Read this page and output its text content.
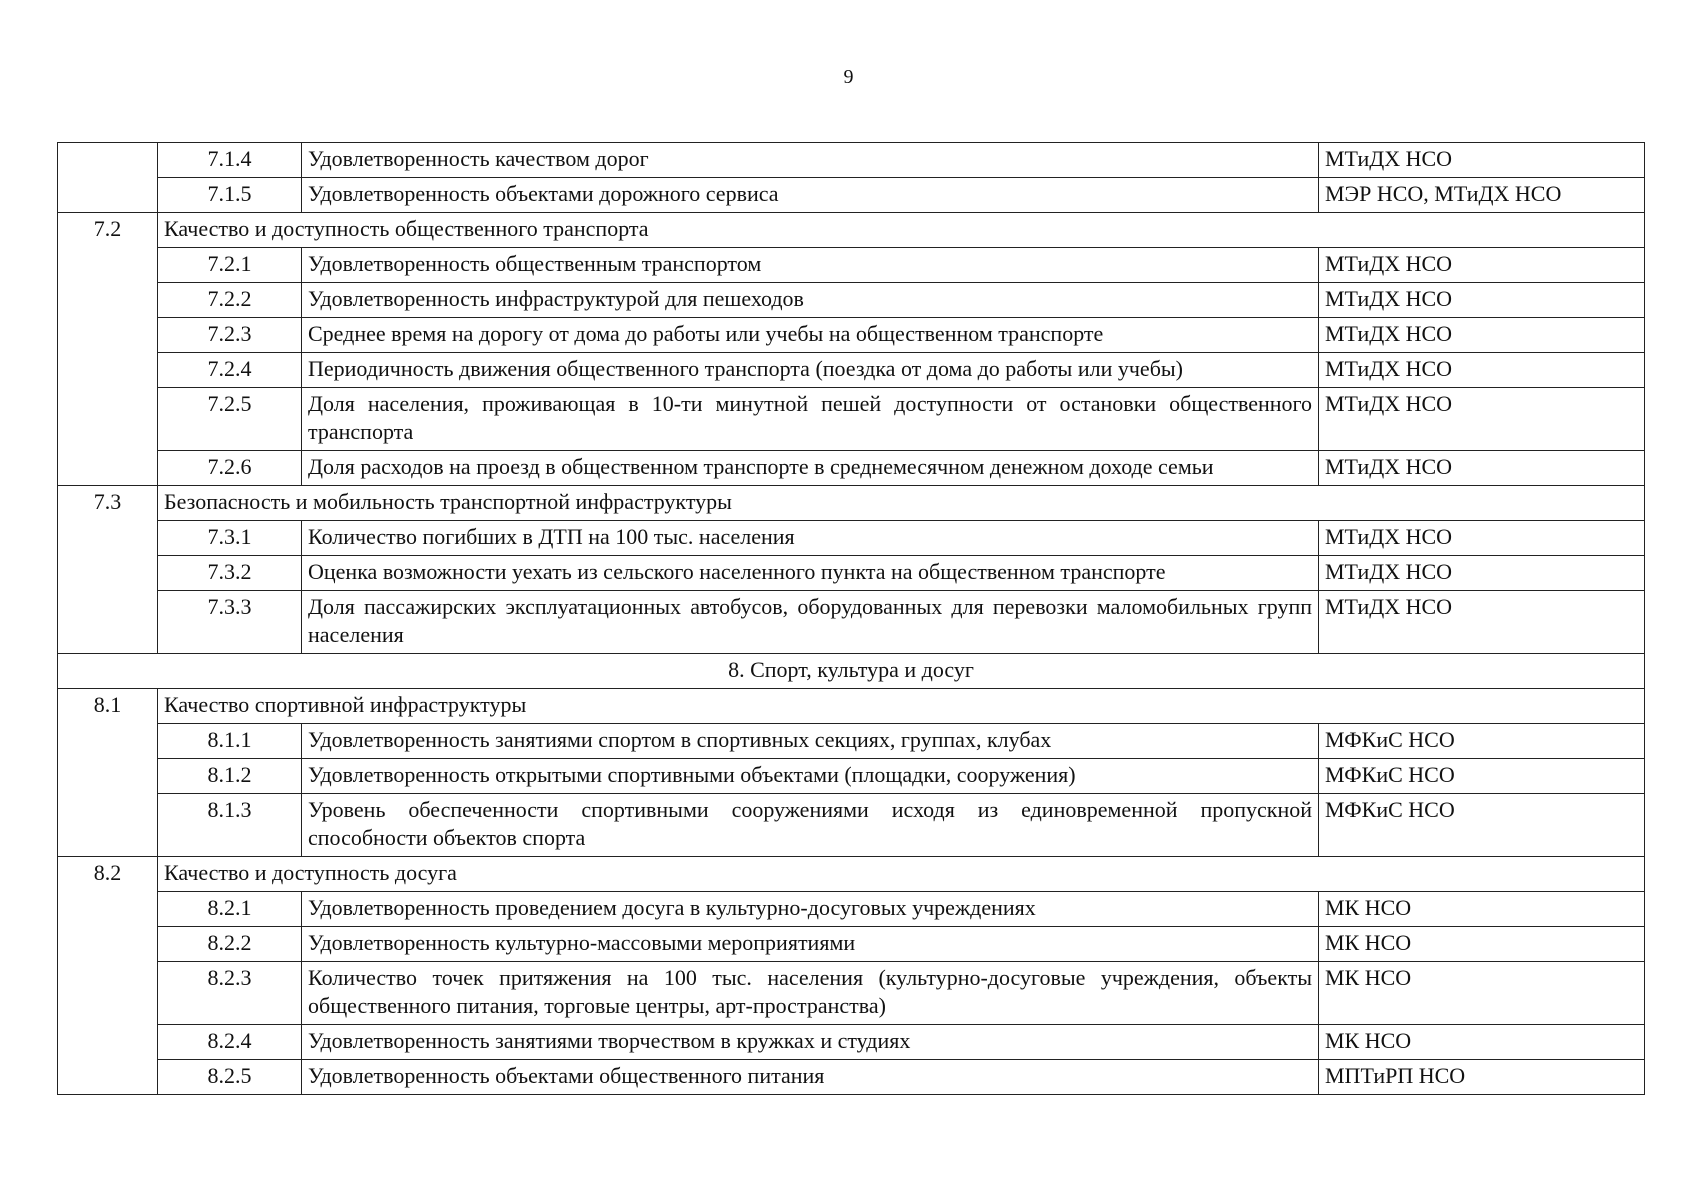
9
	7.1.4	Удовлетворенность качеством дорог	МТиДХ НСО
	7.1.5	Удовлетворенность объектами дорожного сервиса	МЭР НСО, МТиДХ НСО
7.2	Качество и доступность общественного транспорта		
	7.2.1	Удовлетворенность общественным транспортом	МТиДХ НСО
	7.2.2	Удовлетворенность инфраструктурой для пешеходов	МТиДХ НСО
	7.2.3	Среднее время на дорогу от дома до работы или учебы на общественном транспорте	МТиДХ НСО
	7.2.4	Периодичность движения общественного транспорта (поездка от дома до работы или учебы)	МТиДХ НСО
	7.2.5	Доля населения, проживающая в 10-ти минутной пешей доступности от остановки общественного транспорта	МТиДХ НСО
	7.2.6	Доля расходов на проезд в общественном транспорте в среднемесячном денежном доходе семьи	МТиДХ НСО
7.3	Безопасность и мобильность транспортной инфраструктуры		
	7.3.1	Количество погибших в ДТП на 100 тыс. населения	МТиДХ НСО
	7.3.2	Оценка возможности уехать из сельского населенного пункта на общественном транспорте	МТиДХ НСО
	7.3.3	Доля пассажирских эксплуатационных автобусов, оборудованных для перевозки маломобильных групп населения	МТиДХ НСО
8. Спорт, культура и досуг			
8.1	Качество спортивной инфраструктуры		
	8.1.1	Удовлетворенность занятиями спортом в спортивных секциях, группах, клубах	МФКиС НСО
	8.1.2	Удовлетворенность открытыми спортивными объектами (площадки, сооружения)	МФКиС НСО
	8.1.3	Уровень обеспеченности спортивными сооружениями исходя из единовременной пропускной способности объектов спорта	МФКиС НСО
8.2	Качество и доступность досуга		
	8.2.1	Удовлетворенность проведением досуга в культурно-досуговых учреждениях	МК НСО
	8.2.2	Удовлетворенность культурно-массовыми мероприятиями	МК НСО
	8.2.3	Количество точек притяжения на 100 тыс. населения (культурно-досуговые учреждения, объекты общественного питания, торговые центры, арт-пространства)	МК НСО
	8.2.4	Удовлетворенность занятиями творчеством в кружках и студиях	МК НСО
	8.2.5	Удовлетворенность объектами общественного питания	МПТиРП НСО
